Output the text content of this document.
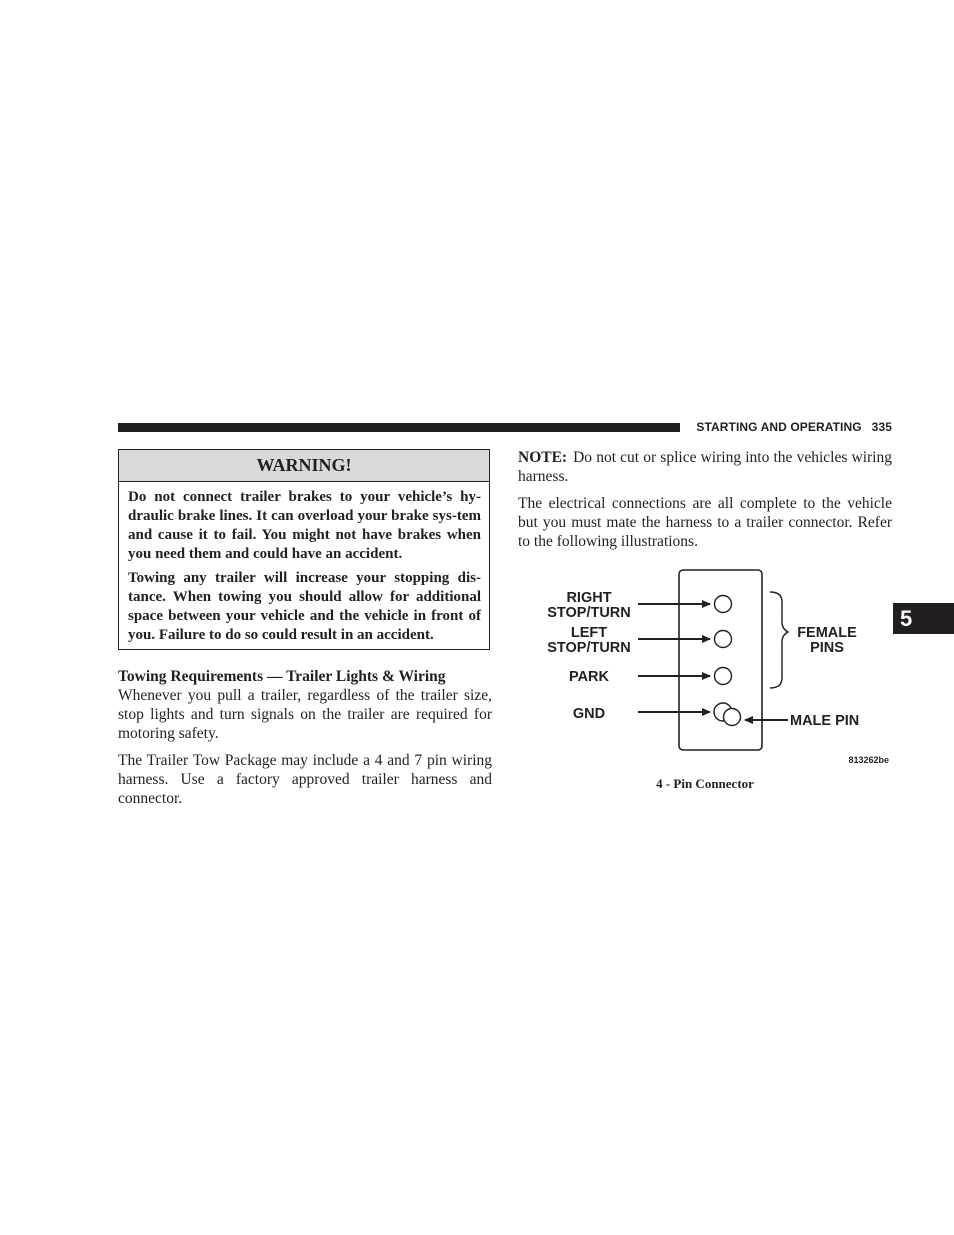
STARTING AND OPERATING 335
WARNING!

Do not connect trailer brakes to your vehicle’s hy-draulic brake lines. It can overload your brake sys-tem and cause it to fail. You might not have brakes when you need them and could have an accident.

Towing any trailer will increase your stopping dis-tance. When towing you should allow for additional space between your vehicle and the vehicle in front of you. Failure to do so could result in an accident.

Towing Requirements — Trailer Lights & Wiring

Whenever you pull a trailer, regardless of the trailer size, stop lights and turn signals on the trailer are required for motoring safety.

The Trailer Tow Package may include a 4 and 7 pin wiring harness. Use a factory approved trailer harness and connector.

NOTE: Do not cut or splice wiring into the vehicles wiring harness.

The electrical connections are all complete to the vehicle but you must mate the harness to a trailer connector. Refer to the following illustrations.

RIGHT
STOP/TURN
LEFT
STOP/TURN
PARK
GND
FEMALE
PINS
MALE PIN
813262be
4 - Pin Connector
5
